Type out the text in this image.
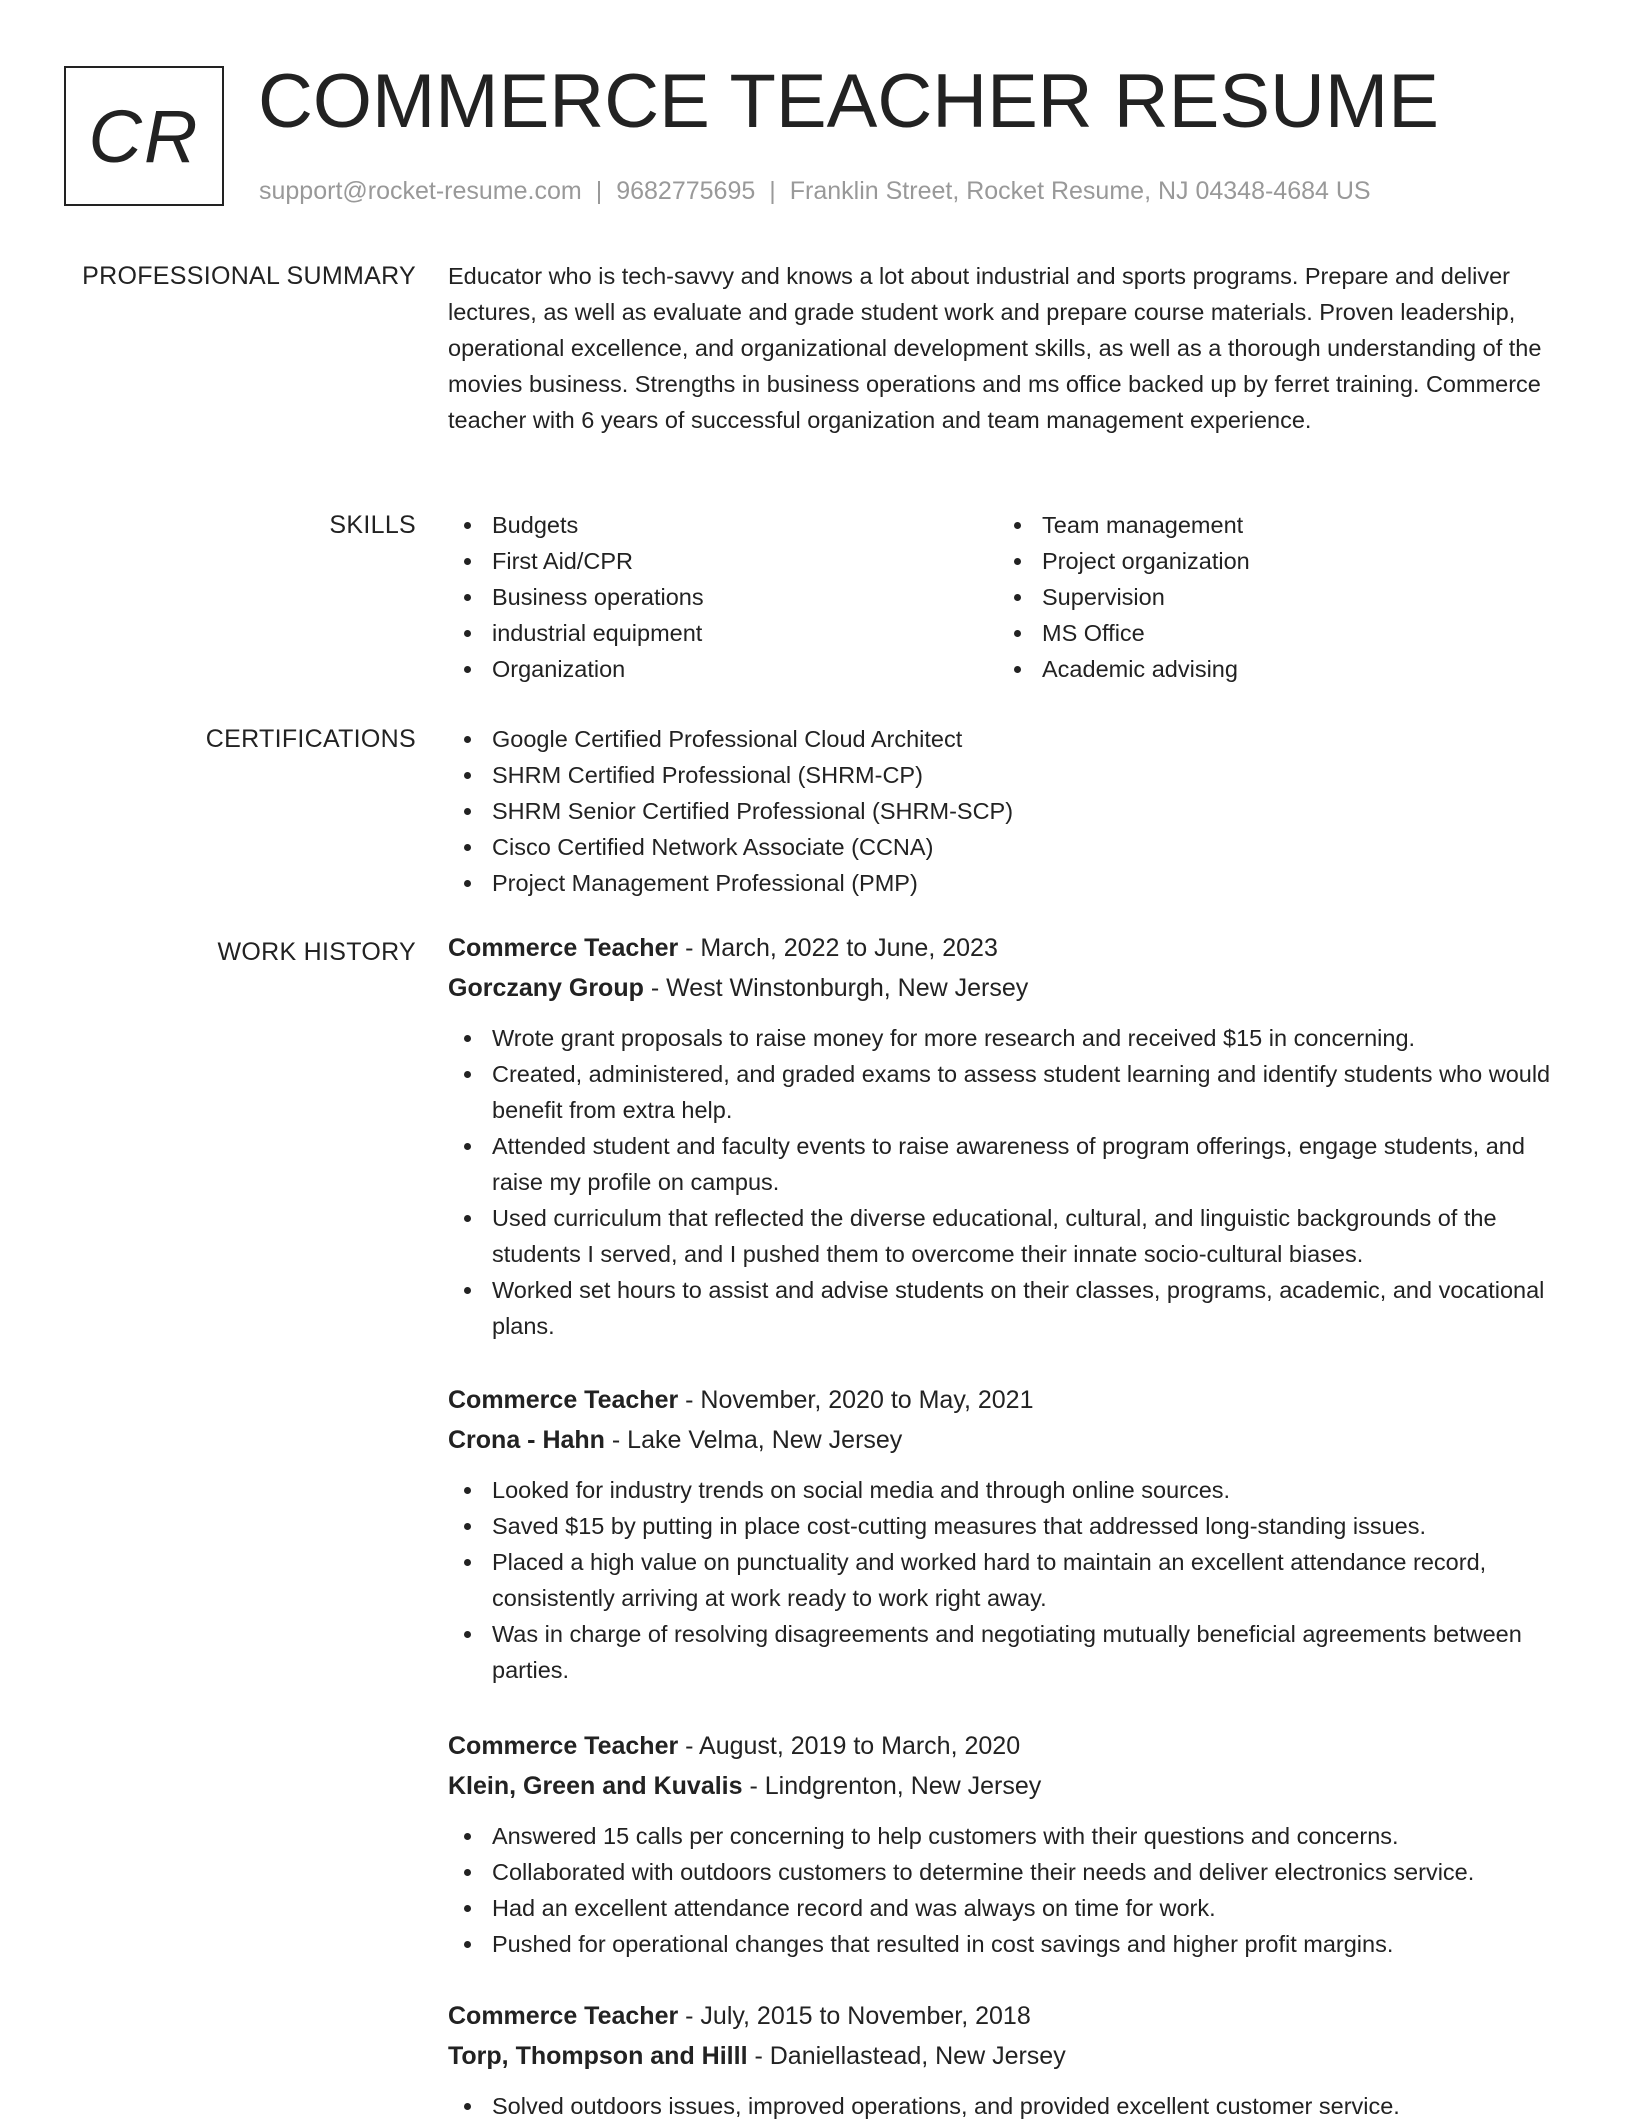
CR COMMERCE TEACHER RESUME
support@rocket-resume.com | 9682775695 | Franklin Street, Rocket Resume, NJ 04348-4684 US
PROFESSIONAL SUMMARY Educator who is tech-savvy and knows a lot about industrial and sports programs. Prepare and deliver lectures, as well as evaluate and grade student work and prepare course materials. Proven leadership, operational excellence, and organizational development skills, as well as a thorough understanding of the movies business. Strengths in business operations and ms office backed up by ferret training. Commerce teacher with 6 years of successful organization and team management experience.

SKILLS	Budgets
First Aid/CPR
Business operations
industrial equipment
Organization
Team management
Project organization
Supervision
MS Office
Academic advising
CERTIFICATIONS	Google Certified Professional Cloud Architect
SHRM Certified Professional (SHRM-CP)
SHRM Senior Certified Professional (SHRM-SCP)
Cisco Certified Network Associate (CCNA)
Project Management Professional (PMP)
WORK HISTORY Commerce Teacher - March, 2022 to June, 2023
Gorczany Group - West Winstonburgh, New Jersey
Wrote grant proposals to raise money for more research and received $15 in concerning.
Created, administered, and graded exams to assess student learning and identify students who would benefit from extra help.
Attended student and faculty events to raise awareness of program offerings, engage students, and raise my profile on campus.
Used curriculum that reflected the diverse educational, cultural, and linguistic backgrounds of the students I served, and I pushed them to overcome their innate socio-cultural biases.
Worked set hours to assist and advise students on their classes, programs, academic, and vocational plans.
Commerce Teacher - November, 2020 to May, 2021
Crona - Hahn - Lake Velma, New Jersey
Looked for industry trends on social media and through online sources.
Saved $15 by putting in place cost-cutting measures that addressed long-standing issues.
Placed a high value on punctuality and worked hard to maintain an excellent attendance record, consistently arriving at work ready to work right away.
Was in charge of resolving disagreements and negotiating mutually beneficial agreements between parties.
Commerce Teacher - August, 2019 to March, 2020
Klein, Green and Kuvalis - Lindgrenton, New Jersey
Answered 15 calls per concerning to help customers with their questions and concerns.
Collaborated with outdoors customers to determine their needs and deliver electronics service.
Had an excellent attendance record and was always on time for work.
Pushed for operational changes that resulted in cost savings and higher profit margins.
Commerce Teacher - July, 2015 to November, 2018
Torp, Thompson and Hilll - Daniellastead, New Jersey
Solved outdoors issues, improved operations, and provided excellent customer service.
